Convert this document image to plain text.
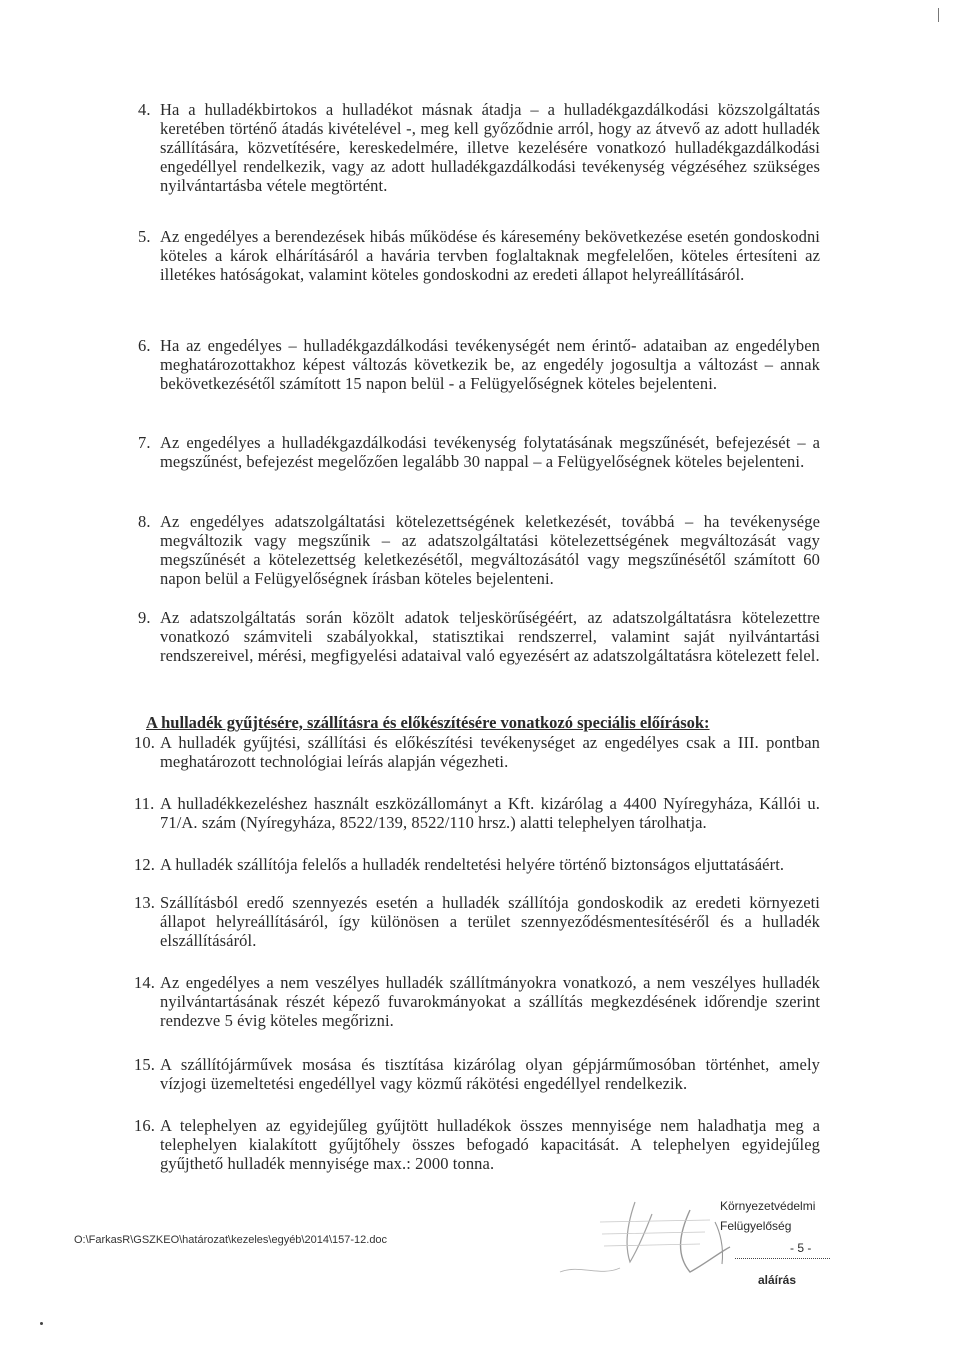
4. Ha a hulladékbirtokos a hulladékot másnak átadja – a hulladékgazdálkodási közszolgáltatás keretében történő átadás kivételével -, meg kell győződnie arról, hogy az átvevő az adott hulladék szállítására, közvetítésére, kereskedelmére, illetve kezelésére vonatkozó hulladékgazdálkodási engedéllyel rendelkezik, vagy az adott hulladékgazdálkodási tevékenység végzéséhez szükséges nyilvántartásba vétele megtörtént.
5. Az engedélyes a berendezések hibás működése és káresemény bekövetkezése esetén gondoskodni köteles a károk elhárításáról a havária tervben foglaltaknak megfelelően, köteles értesíteni az illetékes hatóságokat, valamint köteles gondoskodni az eredeti állapot helyreállításáról.
6. Ha az engedélyes – hulladékgazdálkodási tevékenységét nem érintő- adataiban az engedélyben meghatározottakhoz képest változás következik be, az engedély jogosultja a változást – annak bekövetkezésétől számított 15 napon belül - a Felügyelőségnek köteles bejelenteni.
7. Az engedélyes a hulladékgazdálkodási tevékenység folytatásának megszűnését, befejezését – a megszűnést, befejezést megelőzően legalább 30 nappal – a Felügyelőségnek köteles bejelenteni.
8. Az engedélyes adatszolgáltatási kötelezettségének keletkezését, továbbá – ha tevékenysége megváltozik vagy megszűnik – az adatszolgáltatási kötelezettségének megváltozását vagy megszűnését a kötelezettség keletkezésétől, megváltozásától vagy megszűnésétől számított 60 napon belül a Felügyelőségnek írásban köteles bejelenteni.
9. Az adatszolgáltatás során közölt adatok teljeskörűségéért, az adatszolgáltatásra kötelezettre vonatkozó számviteli szabályokkal, statisztikai rendszerrel, valamint saját nyilvántartási rendszereivel, mérési, megfigyelési adataival való egyezésért az adatszolgáltatásra kötelezett felel.
A hulladék gyűjtésére, szállításra és előkészítésére vonatkozó speciális előírások:
10. A hulladék gyűjtési, szállítási és előkészítési tevékenységet az engedélyes csak a III. pontban meghatározott technológiai leírás alapján végezheti.
11. A hulladékkezeléshez használt eszközállományt a Kft. kizárólag a 4400 Nyíregyháza, Kállói u. 71/A. szám (Nyíregyháza, 8522/139, 8522/110 hrsz.) alatti telephelyen tárolhatja.
12. A hulladék szállítója felelős a hulladék rendeltetési helyére történő biztonságos eljuttatásáért.
13. Szállításból eredő szennyezés esetén a hulladék szállítója gondoskodik az eredeti környezeti állapot helyreállításáról, így különösen a terület szennyeződésmentesítéséről és a hulladék elszállításáról.
14. Az engedélyes a nem veszélyes hulladék szállítmányokra vonatkozó, a nem veszélyes hulladék nyilvántartásának részét képező fuvarokmányokat a szállítás megkezdésének időrendje szerint rendezve 5 évig köteles megőrizni.
15. A szállítójárművek mosása és tisztítása kizárólag olyan gépjárműmosóban történhet, amely vízjogi üzemeltetési engedéllyel vagy közmű rákötési engedéllyel rendelkezik.
16. A telephelyen az egyidejűleg gyűjtött hulladékok összes mennyisége nem haladhatja meg a telephelyen kialakított gyűjtőhely összes befogadó kapacitását. A telephelyen egyidejűleg gyűjthető hulladék mennyisége max.: 2000 tonna.
O:\FarkasR\GSZKEO\határozat\kezeles\egyéb\2014\157-12.doc
Környezetvédelmi
Felügyelőség
- 5 -
aláírás
